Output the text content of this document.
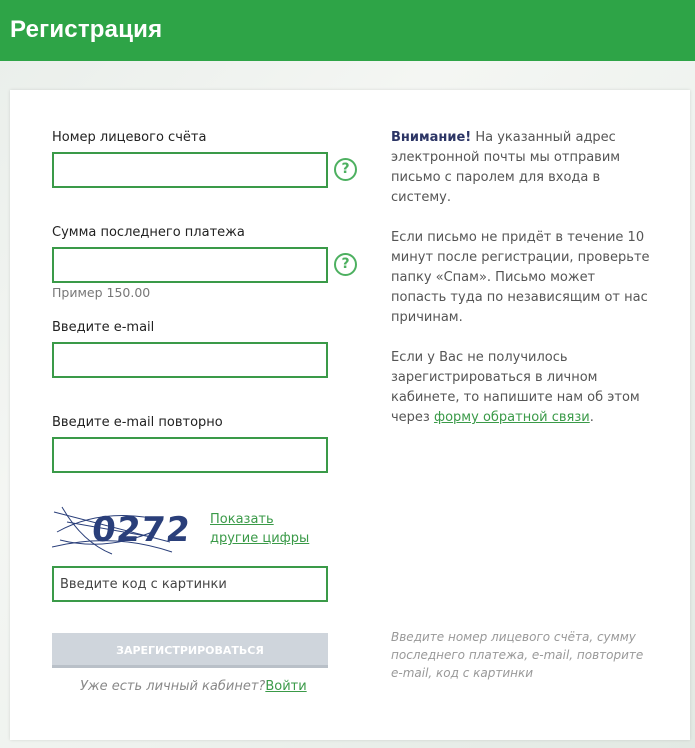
Регистрация
Номер лицевого счёта
?
Сумма последнего платежа
?
Пример 150.00
Введите e-mail
Введите e-mail повторно
0272 Показать
другие цифры
Введите код с картинки
ЗАРЕГИСТРИРОВАТЬСЯ
Уже есть личный кабинет?Войти
Внимание! На указанный адрес электронной почты мы отправим письмо с паролем для входа в систему.
Если письмо не придёт в течение 10 минут после регистрации, проверьте папку «Спам». Письмо может попасть туда по независящим от нас причинам.
Если у Вас не получилось зарегистрироваться в личном кабинете, то напишите нам об этом через форму обратной связи.
Введите номер лицевого счёта, сумму последнего платежа, e-mail, повторите e-mail, код с картинки
